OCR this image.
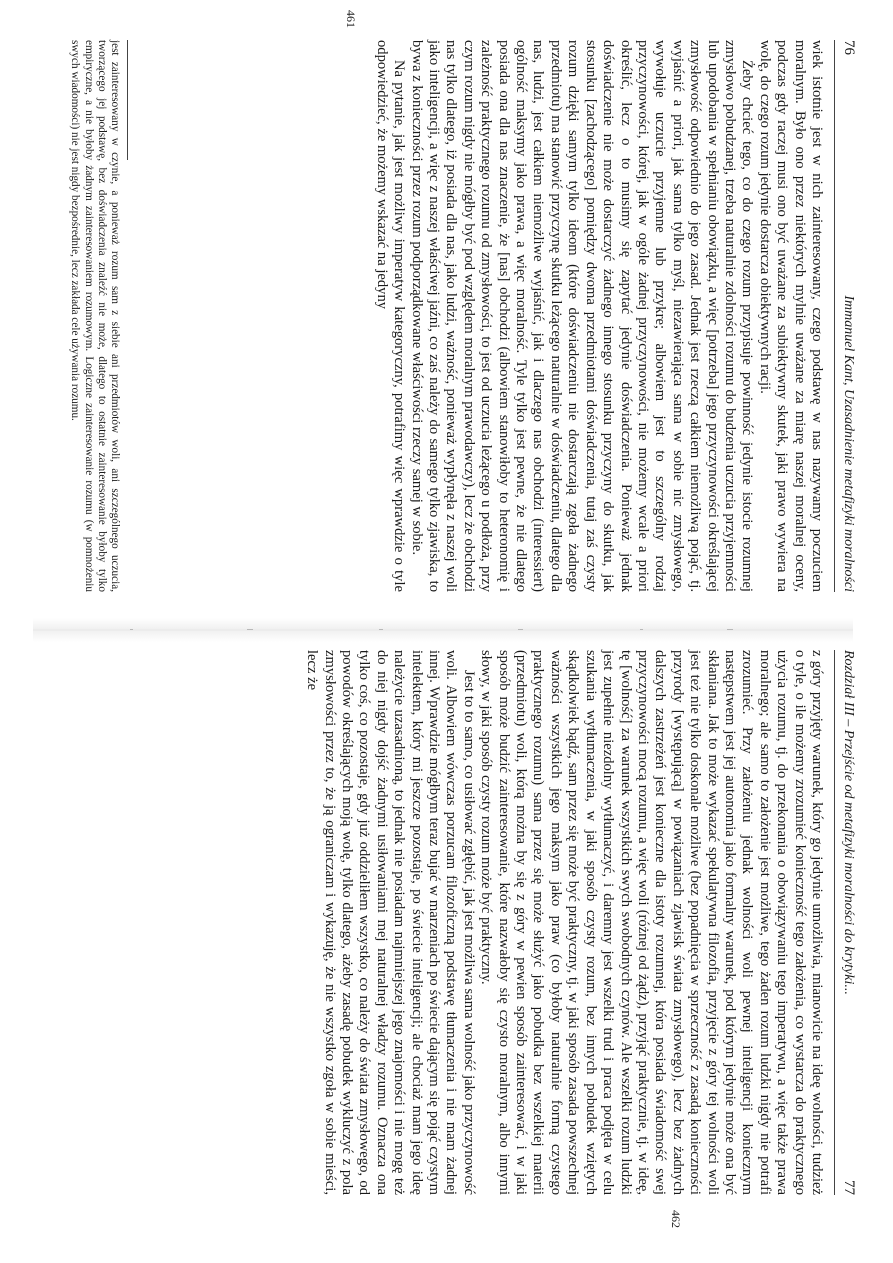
76
Immanuel Kant, Uzasadnienie metafizyki moralności
461

wiek istotnie jest w nich zainteresowany, czego podstawę w nas nazywamy poczuciem moralnym. Było ono przez niektórych mylnie uważane za miarę naszej moralnej oceny, podczas gdy raczej musi ono być uważane za subiektywny skutek, jaki prawo wywiera na wolę, do czego rozum jedynie dostarcza obiektywnych racji.

Żeby chcieć tego, co do czego rozum przypisuje powinność jedynie istocie rozumnej zmysłowo pobudzanej, trzeba naturalnie zdolności rozumu do budzenia uczucia przyjemności lub upodobania w spełnianiu obowiązku, a więc [potrzeba] jego przyczynowości określającej zmysłowość odpowiednio do jego zasad. Jednak jest rzeczą całkiem niemożliwą pojąć, tj. wyjaśnić a priori, jak sama tylko myśl, niezawierająca sama w sobie nic zmysłowego, wywołuje uczucie przyjemne lub przykre; albowiem jest to szczególny rodzaj przyczynowości, której, jak w ogóle żadnej przyczynowości, nie możemy wcale a priori określić, lecz o to musimy się zapytać jedynie doświadczenia. Ponieważ jednak doświadczenie nie może dostarczyć żadnego innego stosunku przyczyny do skutku, jak stosunku [zachodzącego] pomiędzy dwoma przedmiotami doświadczenia, tutaj zaś czysty rozum dzięki samym tylko ideom (które doświadczeniu nie dostarczają zgoła żadnego przedmiotu) ma stanowić przyczynę skutku leżącego naturalnie w doświadczeniu, dlatego dla nas, ludzi, jest całkiem niemożliwe wyjaśnić, jak i dlaczego nas obchodzi (interessiert) ogólność maksymy jako prawa, a więc moralność. Tyle tylko jest pewne, że nie dlatego posiada ona dla nas znaczenie, że [nas] obchodzi (albowiem stanowiłoby to heteronomię i zależność praktycznego rozumu od zmysłowości, to jest od uczucia leżącego u podłoża, przy czym rozum nigdy nie mógłby być pod względem moralnym prawodawczy), lecz że obchodzi nas tylko dlatego, iż posiada dla nas, jako ludzi, ważność, ponieważ wypłynęła z naszej woli jako inteligencji, a więc z naszej właściwej jaźni, co zaś należy do samego tylko zjawiska, to bywa z konieczności przez rozum podporządkowane właściwości rzeczy samej w sobie.

Na pytanie, jak jest możliwy imperatyw kategoryczny, potrafimy więc wprawdzie o tyle odpowiedzieć, że możemy wskazać na jedyny

jest zainteresowany w czynie, a ponieważ rozum sam z siebie ani przedmiotów woli, ani szczególnego uczucia, tworzącego jej podstawę, bez doświadczenia znaleźć nie może, dlatego to ostatnie zainteresowanie byłoby tylko empiryczne, a nie byłoby żadnym zainteresowaniem rozumowym. Logiczne zainteresowanie rozumu (w pomnożeniu swych wiadomości) nie jest nigdy bezpośrednie, lecz zakłada cele używania rozumu.
Rozdział III – Przejście od metafizyki moralności do krytyki...
77
462

z góry przyjęty warunek, który go jedynie umożliwia, mianowicie na ideę wolności, tudzież o tyle, o ile możemy zrozumieć konieczność tego założenia, co wystarcza do praktycznego użycia rozumu, tj. do przekonania o obowiązywaniu tego imperatywu, a więc także prawa moralnego; ale samo to założenie jest możliwe, tego żaden rozum ludzki nigdy nie potrafi zrozumieć. Przy założeniu jednak wolności woli pewnej inteligencji koniecznym następstwem jest jej autonomia jako formalny warunek, pod którym jedynie może ona być skłaniana. Jak to może wykazać spekulatywna filozofia, przyjęcie z góry tej wolności woli jest też nie tylko doskonale możliwe (bez popadnięcia w sprzeczność z zasadą konieczności przyrody [występującą] w powiązaniach zjawisk świata zmysłowego), lecz bez żadnych dalszych zastrzeżeń jest konieczne dla istoty rozumnej, która posiada świadomość swej przyczynowości mocą rozumu, a więc woli (różnej od żądz), przyjąć praktycznie, tj. w ideę, tę [wolność] za warunek wszystkich swych swobodnych czynów. Ale wszelki rozum ludzki jest zupełnie niezdolny wytłumaczyć, i daremny jest wszelki trud i praca podjęta w celu szukania wytłumaczenia, w jaki sposób czysty rozum, bez innych pobudek wziętych skądkolwiek bądź, sam przez się może być praktyczny, tj. w jaki sposób zasada powszechnej ważności wszystkich jego maksym jako praw (co byłoby naturalnie formą czystego praktycznego rozumu) sama przez się może służyć jako pobudka bez wszelkiej materii (przedmiotu) woli, którą można by się z góry w pewien sposób zainteresować, i w jaki sposób może budzić zainteresowanie, które nazwałoby się czysto moralnym, albo innymi słowy, w jaki sposób czysty rozum może być praktyczny.

Jest to to samo, co usiłować zgłębić, jak jest możliwa sama wolność jako przyczynowość woli. Albowiem wówczas porzucam filozoficzną podstawę tłumaczenia i nie mam żadnej innej. Wprawdzie mógłbym teraz bujać w marzeniach po świecie dającym się pojąć czystym intelektem, który mi jeszcze pozostaje, po świecie inteligencji; ale chociaż mam jego ideę należycie uzasadnioną, to jednak nie posiadam najmniejszej jego znajomości i nie mogę też do niej nigdy dojść żadnymi usiłowaniami mej naturalnej władzy rozumu. Oznacza ona tylko coś, co pozostaje, gdy już oddzieliłem wszystko, co należy do świata zmysłowego, od powodów określających moją wolę, tylko dlatego, ażeby zasadę pobudek wykluczyć z pola zmysłowości przez to, że ją ograniczam i wykazuję, że nie wszystko zgoła w sobie mieści, lecz że
